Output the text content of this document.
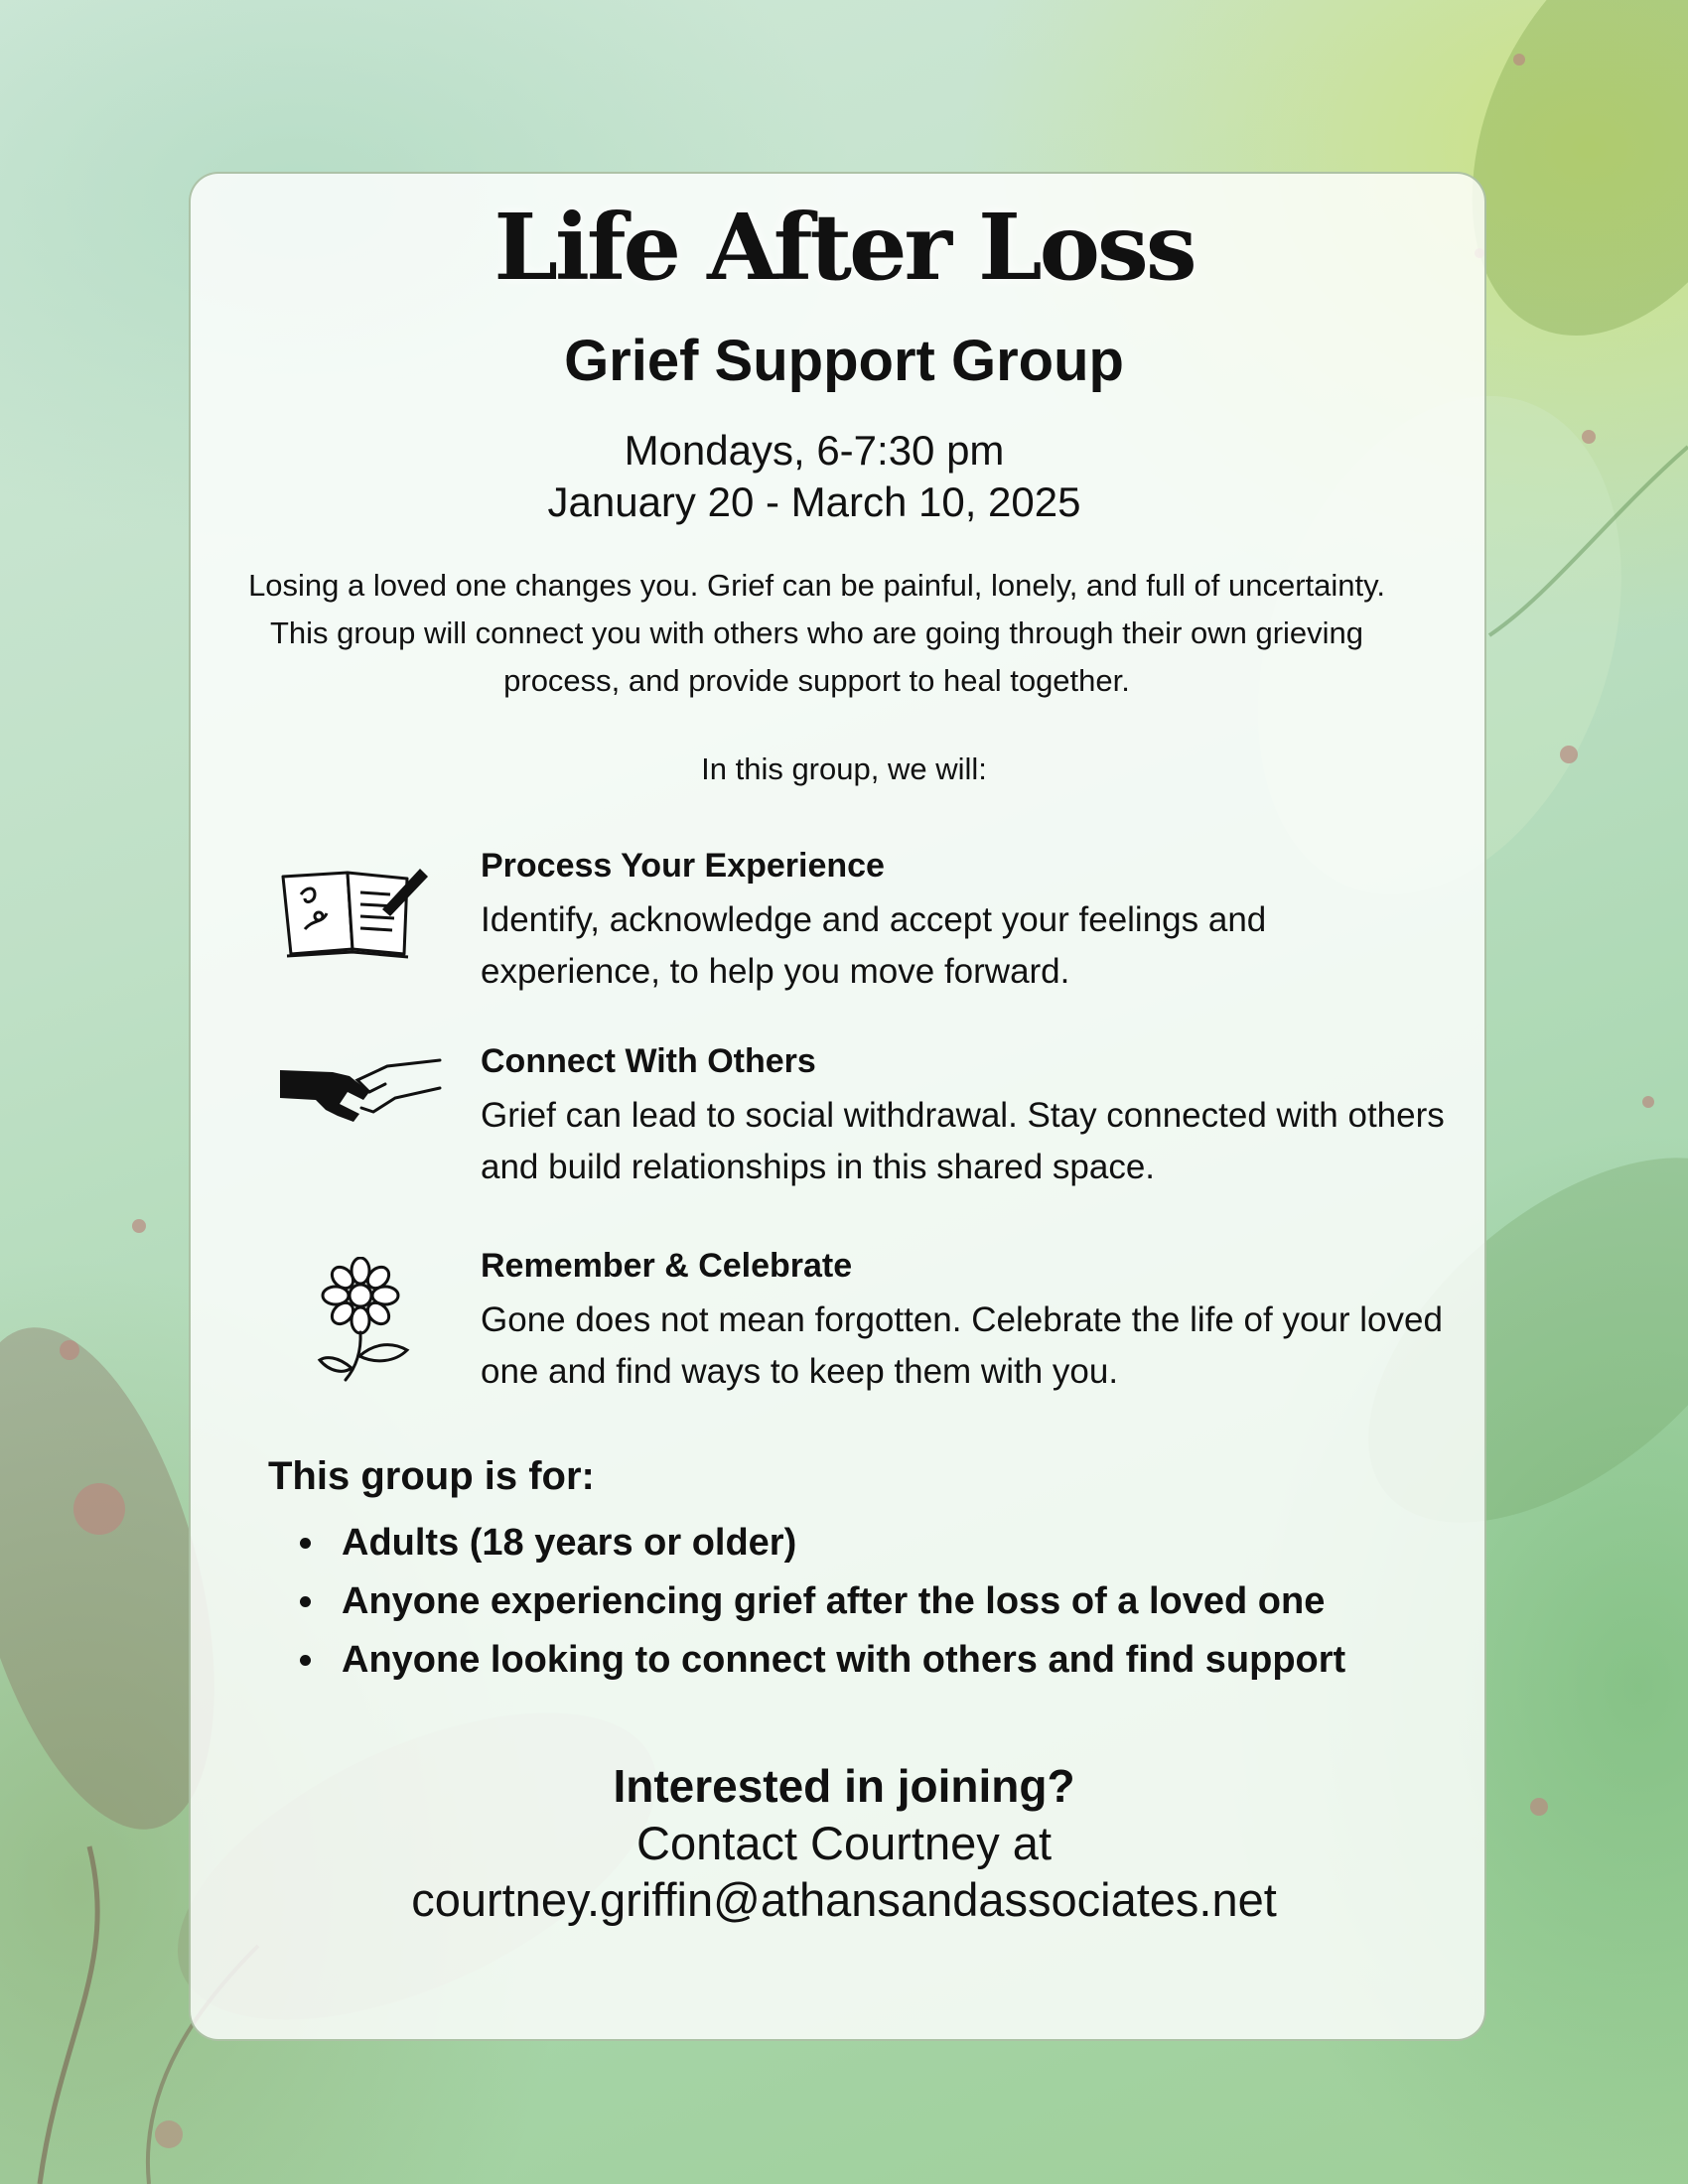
Life After Loss
Grief Support Group
Mondays, 6-7:30 pm
January 20 - March 10, 2025

Losing a loved one changes you. Grief can be painful, lonely, and full of uncertainty. This group will connect you with others who are going through their own grieving process, and provide support to heal together.

In this group, we will:

Process Your Experience

Identify, acknowledge and accept your feelings and experience, to help you move forward.

Connect With Others

Grief can lead to social withdrawal. Stay connected with others and build relationships in this shared space.

Remember & Celebrate

Gone does not mean forgotten. Celebrate the life of your loved one and find ways to keep them with you.

This group is for:
Adults (18 years or older)
Anyone experiencing grief after the loss of a loved one
Anyone looking to connect with others and find support

Interested in joining?

Contact Courtney at

courtney.griffin@athansandassociates.net
